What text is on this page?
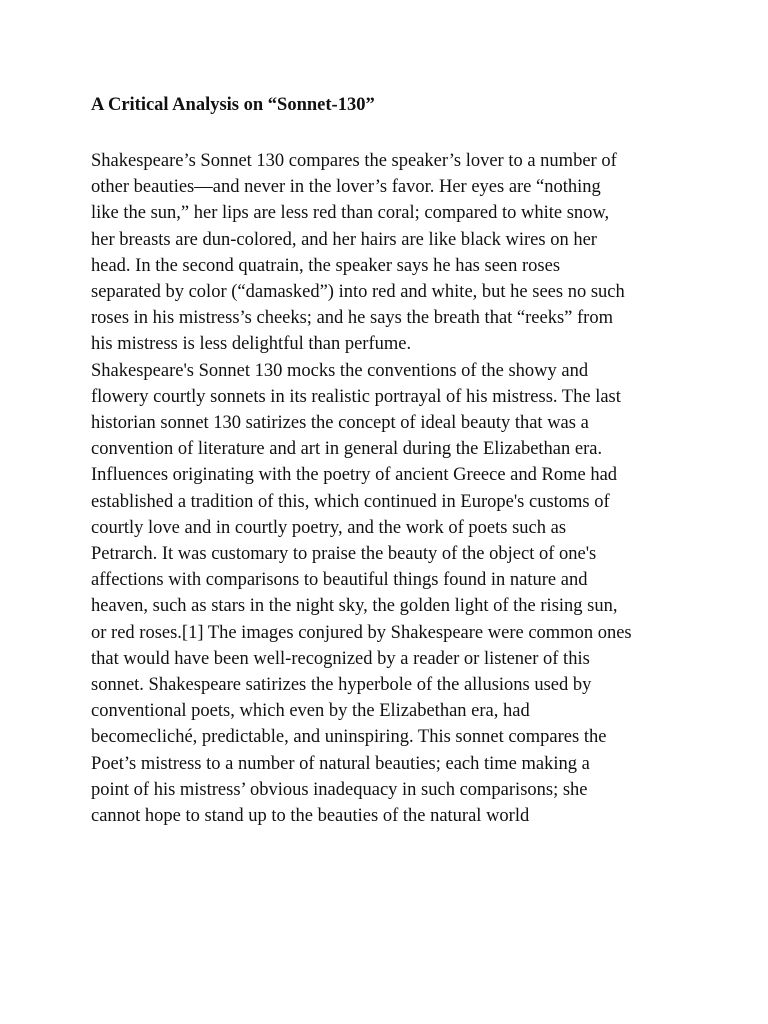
A Critical Analysis on “Sonnet-130”
Shakespeare’s Sonnet 130 compares the speaker’s lover to a number of
other beauties—and never in the lover’s favor. Her eyes are “nothing
like the sun,” her lips are less red than coral; compared to white snow,
her breasts are dun-colored, and her hairs are like black wires on her
head. In the second quatrain, the speaker says he has seen roses
separated by color (“damasked”) into red and white, but he sees no such
roses in his mistress’s cheeks; and he says the breath that “reeks” from
his mistress is less delightful than perfume.
Shakespeare's Sonnet 130 mocks the conventions of the showy and
flowery courtly sonnets in its realistic portrayal of his mistress. The last
historian sonnet 130 satirizes the concept of ideal beauty that was a
convention of literature and art in general during the Elizabethan era.
Influences originating with the poetry of ancient Greece and Rome had
established a tradition of this, which continued in Europe's customs of
courtly love and in courtly poetry, and the work of poets such as
Petrarch. It was customary to praise the beauty of the object of one's
affections with comparisons to beautiful things found in nature and
heaven, such as stars in the night sky, the golden light of the rising sun,
or red roses.[1] The images conjured by Shakespeare were common ones
that would have been well-recognized by a reader or listener of this
sonnet. Shakespeare satirizes the hyperbole of the allusions used by
conventional poets, which even by the Elizabethan era, had
becomecliché, predictable, and uninspiring. This sonnet compares the
Poet’s mistress to a number of natural beauties; each time making a
point of his mistress’ obvious inadequacy in such comparisons; she
cannot hope to stand up to the beauties of the natural world
